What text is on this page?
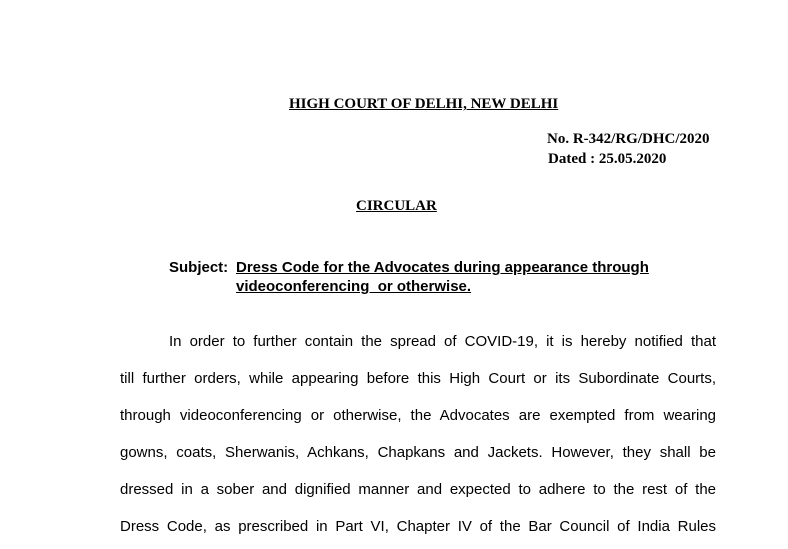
HIGH COURT OF DELHI, NEW DELHI
No. R-342/RG/DHC/2020
Dated : 25.05.2020
CIRCULAR
Subject: Dress Code for the Advocates during appearance through
videoconferencing  or otherwise.
In order to further contain the spread of COVID-19, it is hereby notified that
till further orders, while appearing before this High Court or its Subordinate Courts,
through videoconferencing or otherwise, the Advocates are exempted from wearing
gowns, coats, Sherwanis, Achkans, Chapkans and Jackets. However, they shall be
dressed in a sober and dignified manner and expected to adhere to the rest of the
Dress Code, as prescribed in Part VI, Chapter IV of the Bar Council of India Rules
